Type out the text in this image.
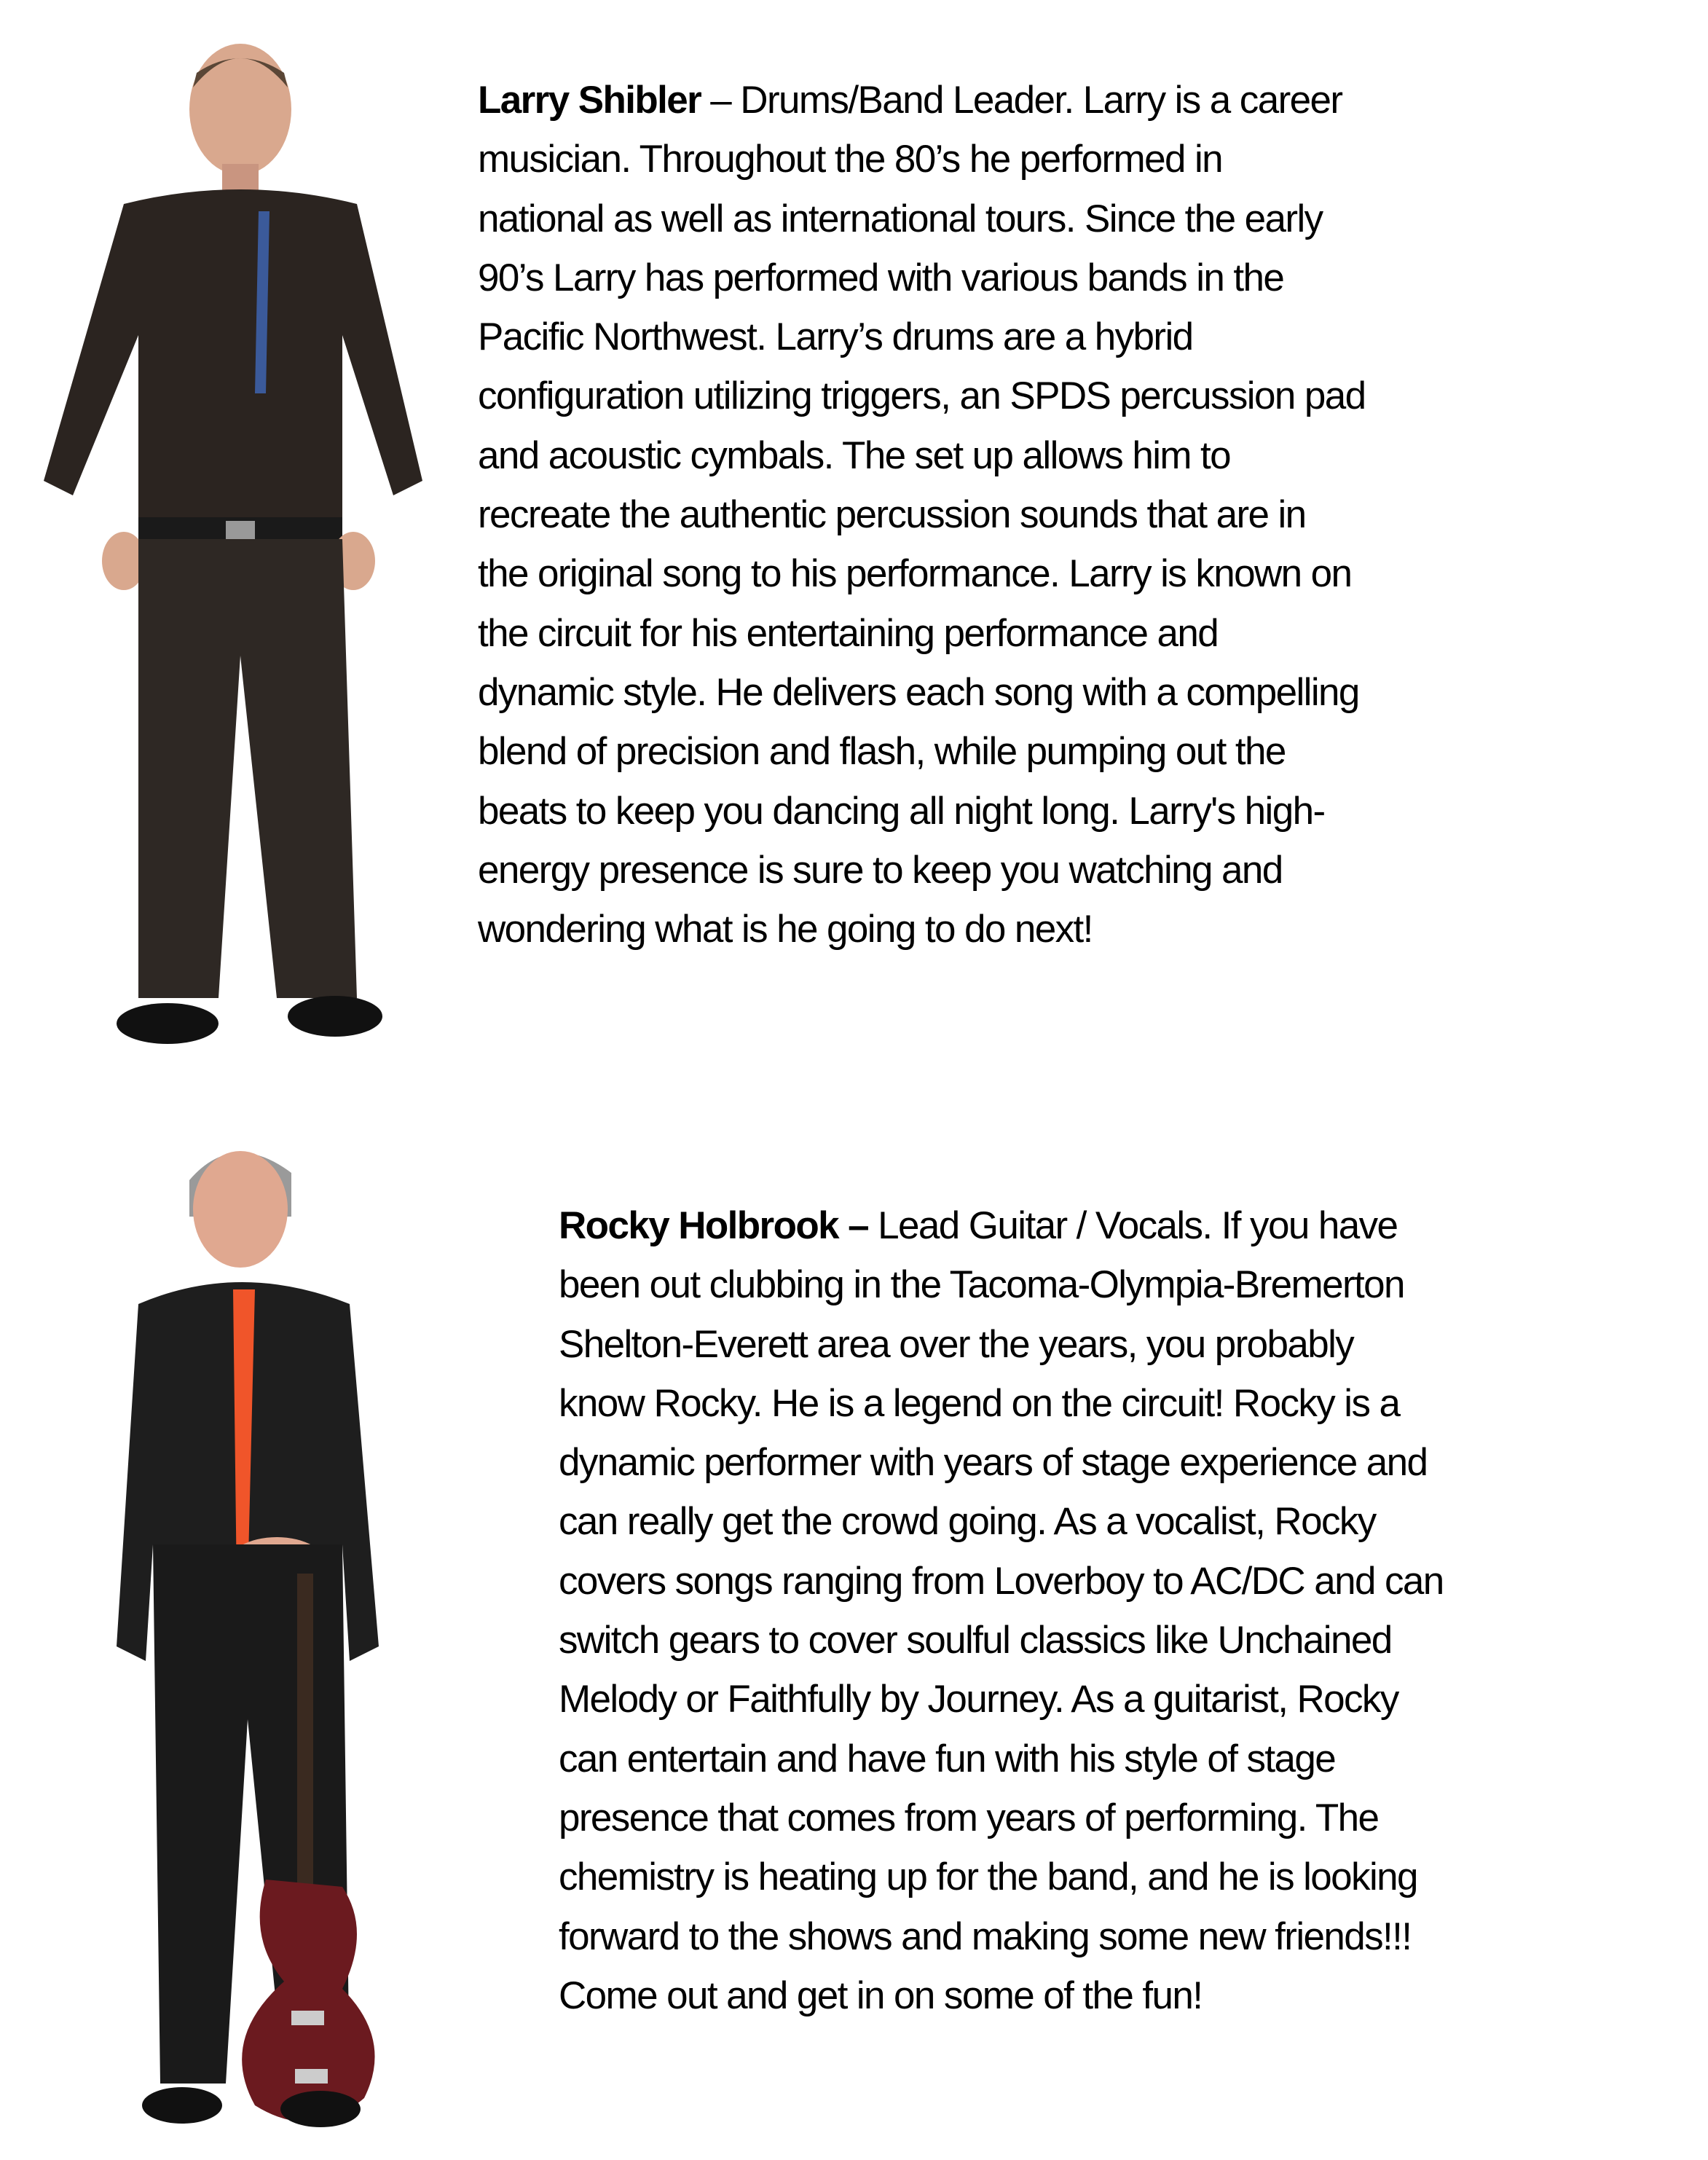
Larry Shibler – Drums/Band Leader. Larry is a career
musician. Throughout the 80’s he performed in
national as well as international tours. Since the early
90’s Larry has performed with various bands in the
Pacific Northwest. Larry’s drums are a hybrid
configuration utilizing triggers, an SPDS percussion pad
and acoustic cymbals. The set up allows him to
recreate the authentic percussion sounds that are in
the original song to his performance. Larry is known on
the circuit for his entertaining performance and
dynamic style. He delivers each song with a compelling
blend of precision and flash, while pumping out the
beats to keep you dancing all night long. Larry's high-
energy presence is sure to keep you watching and
wondering what is he going to do next!
Rocky Holbrook – Lead Guitar / Vocals. If you have
been out clubbing in the Tacoma-Olympia-Bremerton
Shelton-Everett area over the years, you probably
know Rocky. He is a legend on the circuit! Rocky is a
dynamic performer with years of stage experience and
can really get the crowd going. As a vocalist, Rocky
covers songs ranging from Loverboy to AC/DC and can
switch gears to cover soulful classics like Unchained
Melody or Faithfully by Journey. As a guitarist, Rocky
can entertain and have fun with his style of stage
presence that comes from years of performing. The
chemistry is heating up for the band, and he is looking
forward to the shows and making some new friends!!!
Come out and get in on some of the fun!
